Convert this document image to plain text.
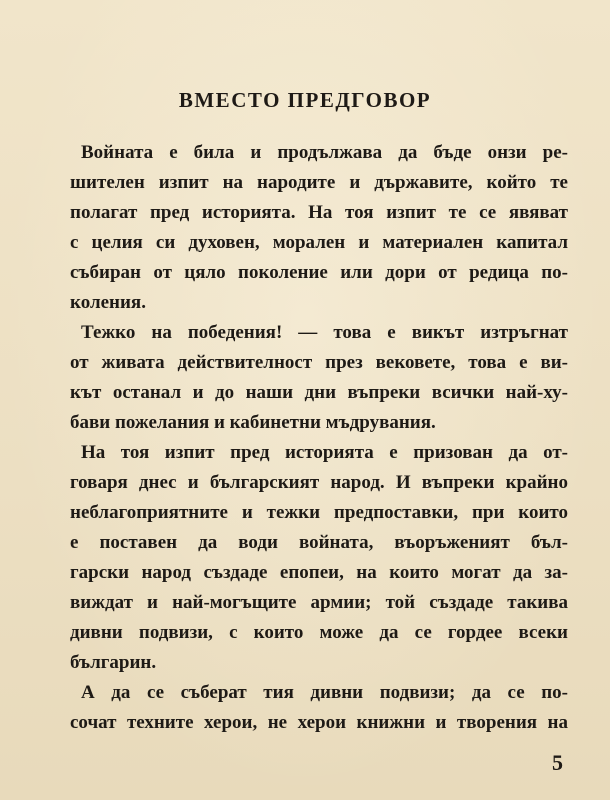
ВМЕСТО ПРЕДГОВОР
Войната е била и продължава да бъде онзи ре-
шителен изпит на народите и държавите, който те
полагат пред историята. На тоя изпит те се явяват
с целия си духовен, морален и материален капитал
събиран от цяло поколение или дори от редица по-
коления.
Тежко на победения! — това е викът изтръгнат
от живата действителност през вековете, това е ви-
кът останал и до наши дни въпреки всички най-ху-
бави пожелания и кабинетни мъдрувания.
На тоя изпит пред историята е призован да от-
говаря днес и българският народ. И въпреки крайно
неблагоприятните и тежки предпоставки, при които
е поставен да води войната, въоръженият бъл-
гарски народ създаде епопеи, на които могат да за-
виждат и най-могъщите армии; той създаде такива
дивни подвизи, с които може да се гордее всеки
българин.
А да се съберат тия дивни подвизи; да се по-
сочат техните херои, не херои книжни и творения на
5
